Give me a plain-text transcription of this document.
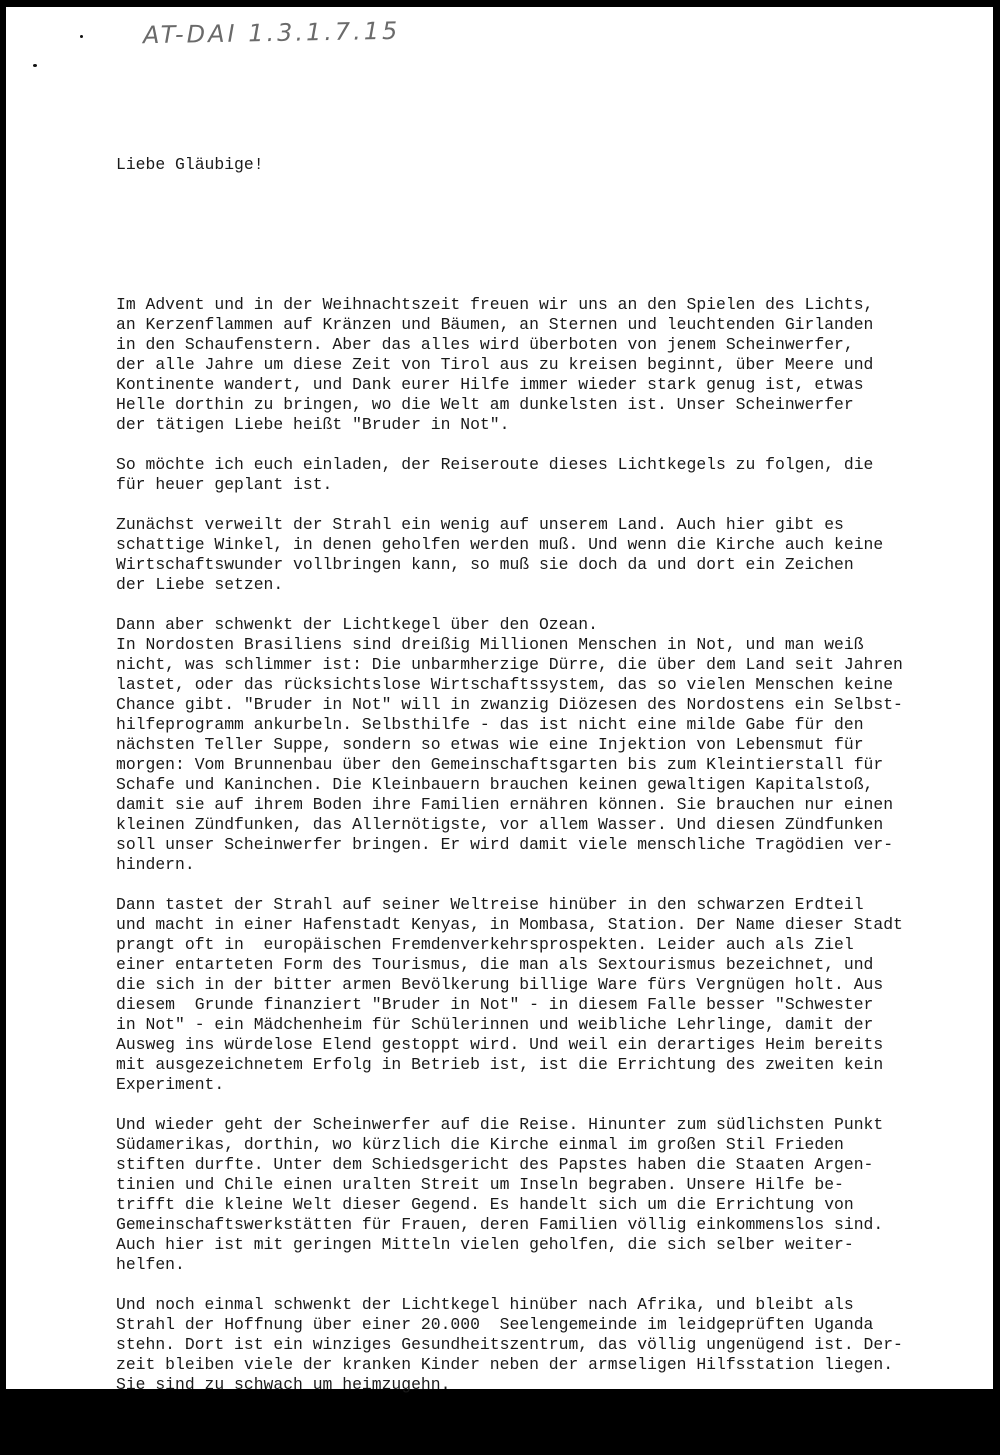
AT-DAI 1.3.1.7.15

Liebe Gläubige!

Im Advent und in der Weihnachtszeit freuen wir uns an den Spielen des Lichts,
an Kerzenflammen auf Kränzen und Bäumen, an Sternen und leuchtenden Girlanden
in den Schaufenstern. Aber das alles wird überboten von jenem Scheinwerfer,
der alle Jahre um diese Zeit von Tirol aus zu kreisen beginnt, über Meere und
Kontinente wandert, und Dank eurer Hilfe immer wieder stark genug ist, etwas
Helle dorthin zu bringen, wo die Welt am dunkelsten ist. Unser Scheinwerfer
der tätigen Liebe heißt "Bruder in Not".
So möchte ich euch einladen, der Reiseroute dieses Lichtkegels zu folgen, die
für heuer geplant ist.
Zunächst verweilt der Strahl ein wenig auf unserem Land. Auch hier gibt es
schattige Winkel, in denen geholfen werden muß. Und wenn die Kirche auch keine
Wirtschaftswunder vollbringen kann, so muß sie doch da und dort ein Zeichen
der Liebe setzen.
Dann aber schwenkt der Lichtkegel über den Ozean.
In Nordosten Brasiliens sind dreißig Millionen Menschen in Not, und man weiß
nicht, was schlimmer ist: Die unbarmherzige Dürre, die über dem Land seit Jahren
lastet, oder das rücksichtslose Wirtschaftssystem, das so vielen Menschen keine
Chance gibt. "Bruder in Not" will in zwanzig Diözesen des Nordostens ein Selbst-
hilfeprogramm ankurbeln. Selbsthilfe - das ist nicht eine milde Gabe für den
nächsten Teller Suppe, sondern so etwas wie eine Injektion von Lebensmut für
morgen: Vom Brunnenbau über den Gemeinschaftsgarten bis zum Kleintierstall für
Schafe und Kaninchen. Die Kleinbauern brauchen keinen gewaltigen Kapitalstoß,
damit sie auf ihrem Boden ihre Familien ernähren können. Sie brauchen nur einen
kleinen Zündfunken, das Allernötigste, vor allem Wasser. Und diesen Zündfunken
soll unser Scheinwerfer bringen. Er wird damit viele menschliche Tragödien ver-
hindern.
Dann tastet der Strahl auf seiner Weltreise hinüber in den schwarzen Erdteil
und macht in einer Hafenstadt Kenyas, in Mombasa, Station. Der Name dieser Stadt
prangt oft in  europäischen Fremdenverkehrsprospekten. Leider auch als Ziel
einer entarteten Form des Tourismus, die man als Sextourismus bezeichnet, und
die sich in der bitter armen Bevölkerung billige Ware fürs Vergnügen holt. Aus
diesem  Grunde finanziert "Bruder in Not" - in diesem Falle besser "Schwester
in Not" - ein Mädchenheim für Schülerinnen und weibliche Lehrlinge, damit der
Ausweg ins würdelose Elend gestoppt wird. Und weil ein derartiges Heim bereits
mit ausgezeichnetem Erfolg in Betrieb ist, ist die Errichtung des zweiten kein
Experiment.
Und wieder geht der Scheinwerfer auf die Reise. Hinunter zum südlichsten Punkt
Südamerikas, dorthin, wo kürzlich die Kirche einmal im großen Stil Frieden
stiften durfte. Unter dem Schiedsgericht des Papstes haben die Staaten Argen-
tinien und Chile einen uralten Streit um Inseln begraben. Unsere Hilfe be-
trifft die kleine Welt dieser Gegend. Es handelt sich um die Errichtung von
Gemeinschaftswerkstätten für Frauen, deren Familien völlig einkommenslos sind.
Auch hier ist mit geringen Mitteln vielen geholfen, die sich selber weiter-
helfen.
Und noch einmal schwenkt der Lichtkegel hinüber nach Afrika, und bleibt als
Strahl der Hoffnung über einer 20.000  Seelengemeinde im leidgeprüften Uganda
stehn. Dort ist ein winziges Gesundheitszentrum, das völlig ungenügend ist. Der-
zeit bleiben viele der kranken Kinder neben der armseligen Hilfsstation liegen.
Sie sind zu schwach um heimzugehn.
